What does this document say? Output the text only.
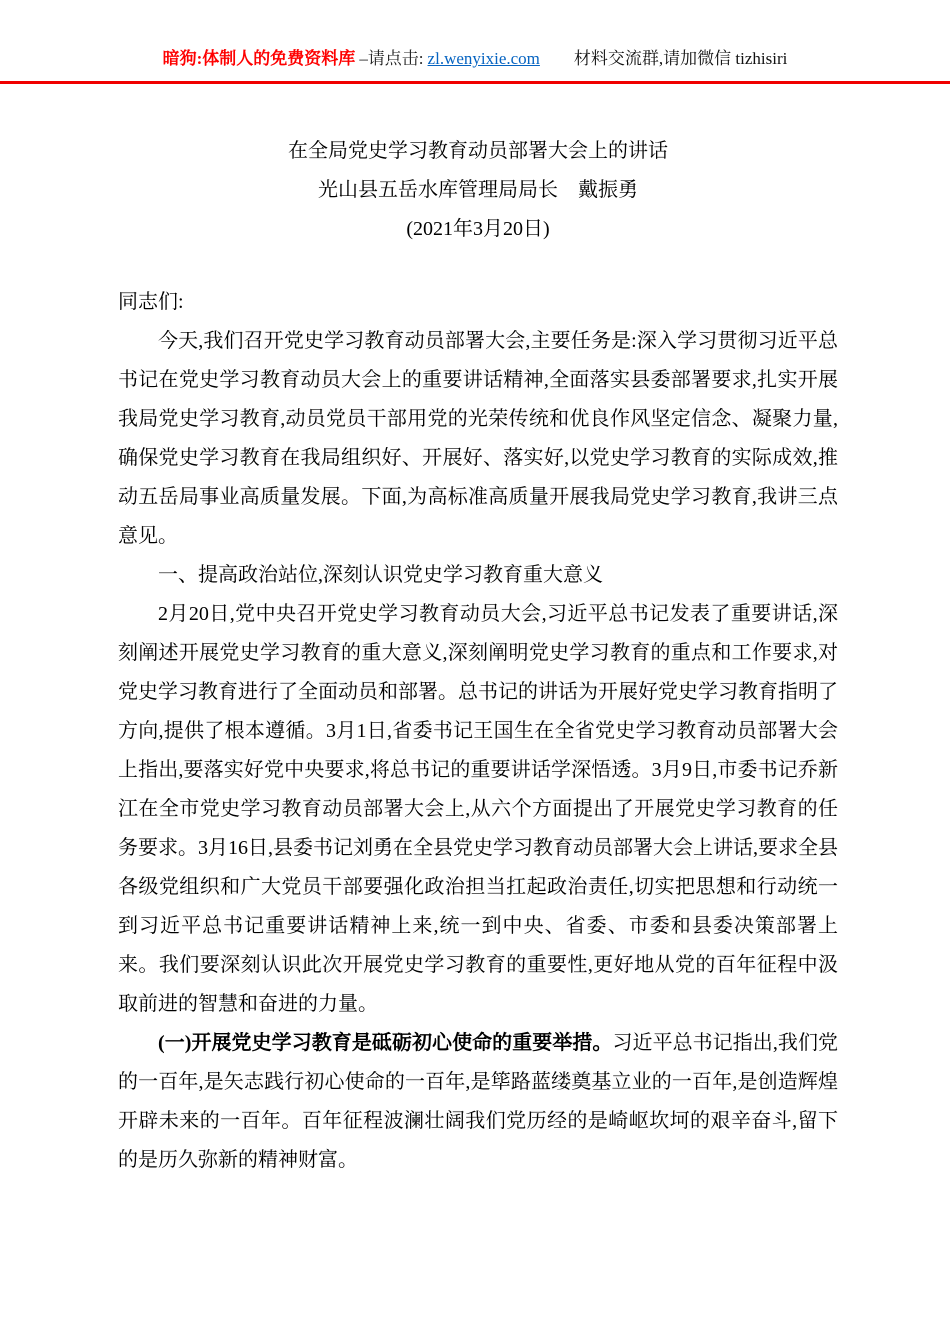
暗狗:体制人的免费资料库 –请点击: zl.wenyixie.com 材料交流群,请加微信 tizhisiri
在全局党史学习教育动员部署大会上的讲话
光山县五岳水库管理局局长　戴振勇
(2021年3月20日)

同志们:

今天,我们召开党史学习教育动员部署大会,主要任务是:深入学习贯彻习近平总书记在党史学习教育动员大会上的重要讲话精神,全面落实县委部署要求,扎实开展我局党史学习教育,动员党员干部用党的光荣传统和优良作风坚定信念、凝聚力量,确保党史学习教育在我局组织好、开展好、落实好,以党史学习教育的实际成效,推动五岳局事业高质量发展。下面,为高标准高质量开展我局党史学习教育,我讲三点意见。

一、提高政治站位,深刻认识党史学习教育重大意义

2月20日,党中央召开党史学习教育动员大会,习近平总书记发表了重要讲话,深刻阐述开展党史学习教育的重大意义,深刻阐明党史学习教育的重点和工作要求,对党史学习教育进行了全面动员和部署。总书记的讲话为开展好党史学习教育指明了方向,提供了根本遵循。3月1日,省委书记王国生在全省党史学习教育动员部署大会上指出,要落实好党中央要求,将总书记的重要讲话学深悟透。3月9日,市委书记乔新江在全市党史学习教育动员部署大会上,从六个方面提出了开展党史学习教育的任务要求。3月16日,县委书记刘勇在全县党史学习教育动员部署大会上讲话,要求全县各级党组织和广大党员干部要强化政治担当扛起政治责任,切实把思想和行动统一到习近平总书记重要讲话精神上来,统一到中央、省委、市委和县委决策部署上来。我们要深刻认识此次开展党史学习教育的重要性,更好地从党的百年征程中汲取前进的智慧和奋进的力量。

(一)开展党史学习教育是砥砺初心使命的重要举措。习近平总书记指出,我们党的一百年,是矢志践行初心使命的一百年,是筚路蓝缕奠基立业的一百年,是创造辉煌开辟未来的一百年。百年征程波澜壮阔我们党历经的是崎岖坎坷的艰辛奋斗,留下的是历久弥新的精神财富。
